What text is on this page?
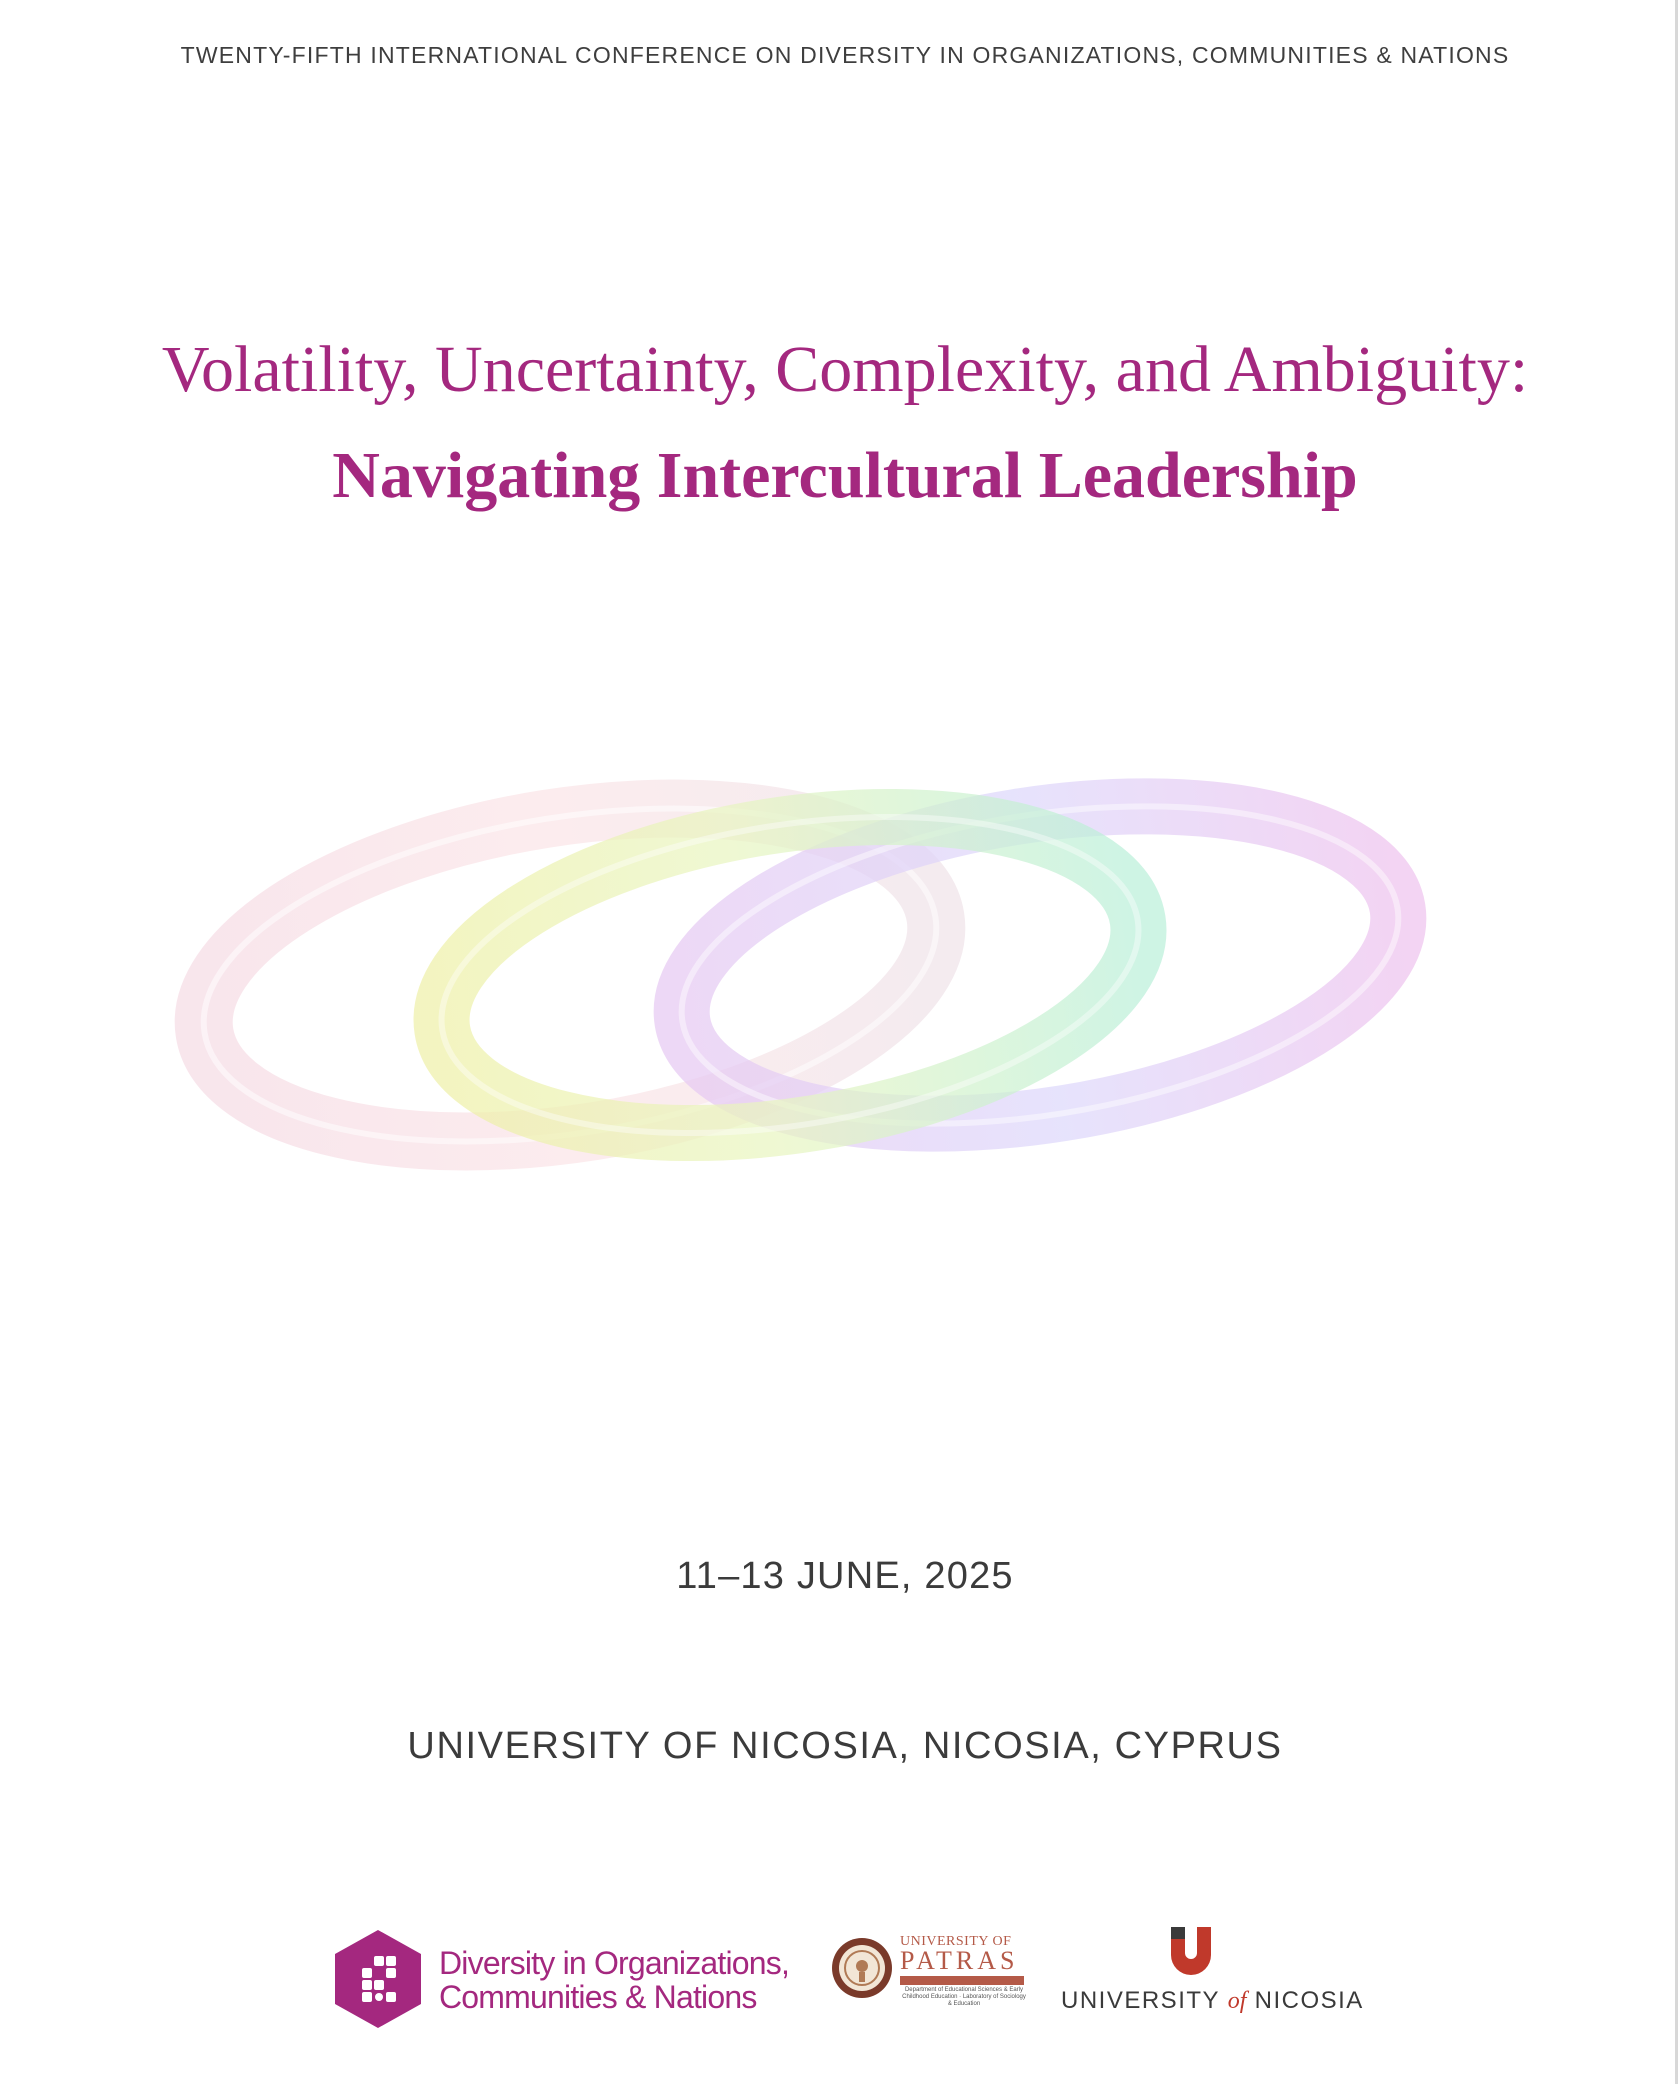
TWENTY-FIFTH INTERNATIONAL CONFERENCE ON DIVERSITY IN ORGANIZATIONS, COMMUNITIES & NATIONS
Volatility, Uncertainty, Complexity, and Ambiguity:
Navigating Intercultural Leadership
11–13 JUNE, 2025
UNIVERSITY OF NICOSIA, NICOSIA, CYPRUS
Diversity in Organizations,
Communities & Nations
UNIVERSITY OF
PATRAS
Department of Educational Sciences & Early Childhood Education · Laboratory of Sociology & Education	UNIVERSITY of NICOSIA
